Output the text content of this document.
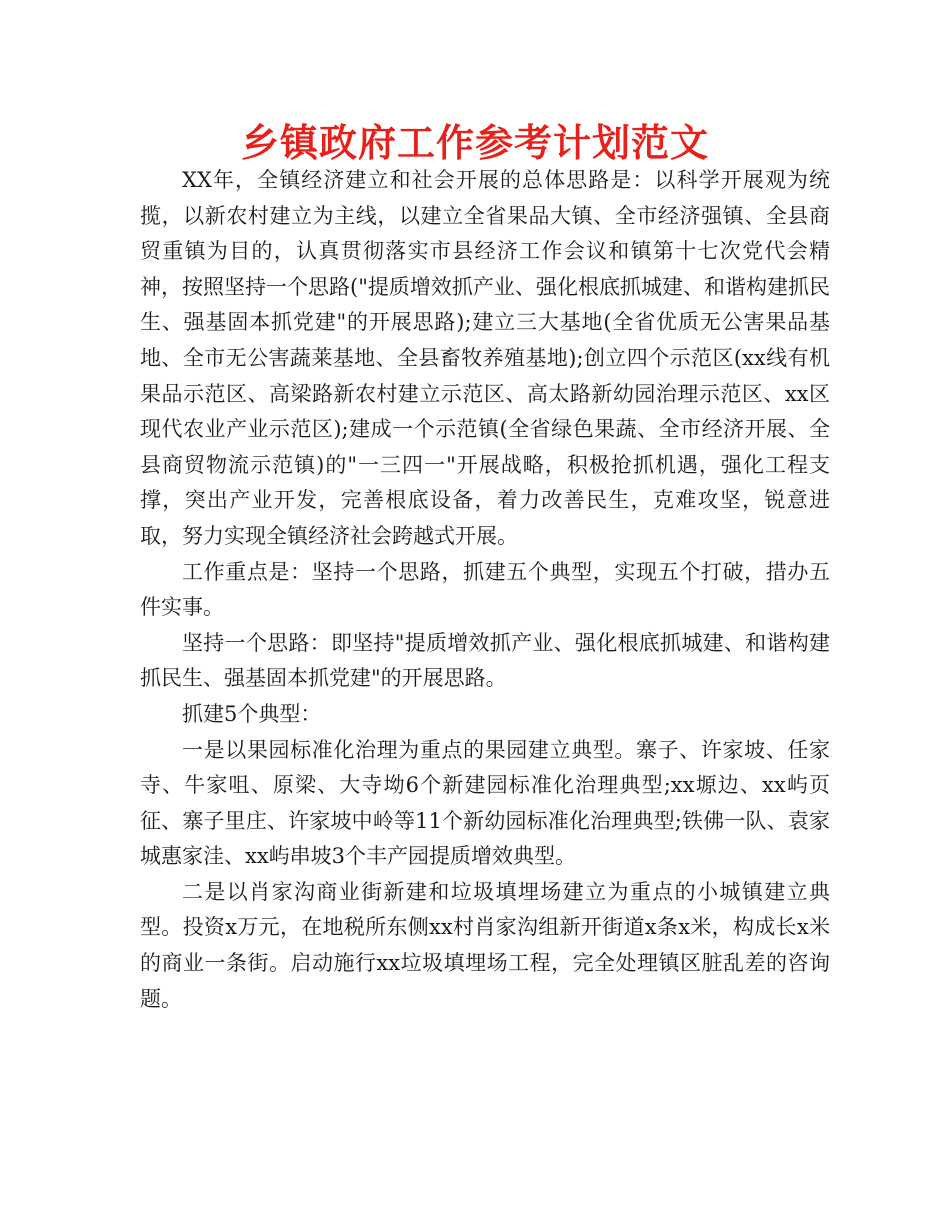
乡镇政府工作参考计划范文

XX年，全镇经济建立和社会开展的总体思路是：以科学开展观为统揽，以新农村建立为主线，以建立全省果品大镇、全市经济强镇、全县商贸重镇为目的，认真贯彻落实市县经济工作会议和镇第十七次党代会精神，按照坚持一个思路("提质增效抓产业、强化根底抓城建、和谐构建抓民生、强基固本抓党建"的开展思路);建立三大基地(全省优质无公害果品基地、全市无公害蔬莱基地、全县畜牧养殖基地);创立四个示范区(xx线有机果品示范区、高梁路新农村建立示范区、高太路新幼园治理示范区、xx区现代农业产业示范区);建成一个示范镇(全省绿色果蔬、全市经济开展、全县商贸物流示范镇)的"一三四一"开展战略，积极抢抓机遇，强化工程支撑，突出产业开发，完善根底设备，着力改善民生，克难攻坚，锐意进取，努力实现全镇经济社会跨越式开展。

工作重点是：坚持一个思路，抓建五个典型，实现五个打破，措办五件实事。

坚持一个思路：即坚持"提质增效抓产业、强化根底抓城建、和谐构建抓民生、强基固本抓党建"的开展思路。

抓建5个典型：

一是以果园标准化治理为重点的果园建立典型。寨子、许家坡、任家寺、牛家咀、原梁、大寺坳6个新建园标准化治理典型;xx塬边、xx屿页征、寨子里庄、许家坡中岭等11个新幼园标准化治理典型;铁佛一队、袁家城惠家洼、xx屿串坡3个丰产园提质增效典型。

二是以肖家沟商业街新建和垃圾填埋场建立为重点的小城镇建立典型。投资x万元，在地税所东侧xx村肖家沟组新开街道x条x米，构成长x米的商业一条街。启动施行xx垃圾填埋场工程，完全处理镇区脏乱差的咨询题。
